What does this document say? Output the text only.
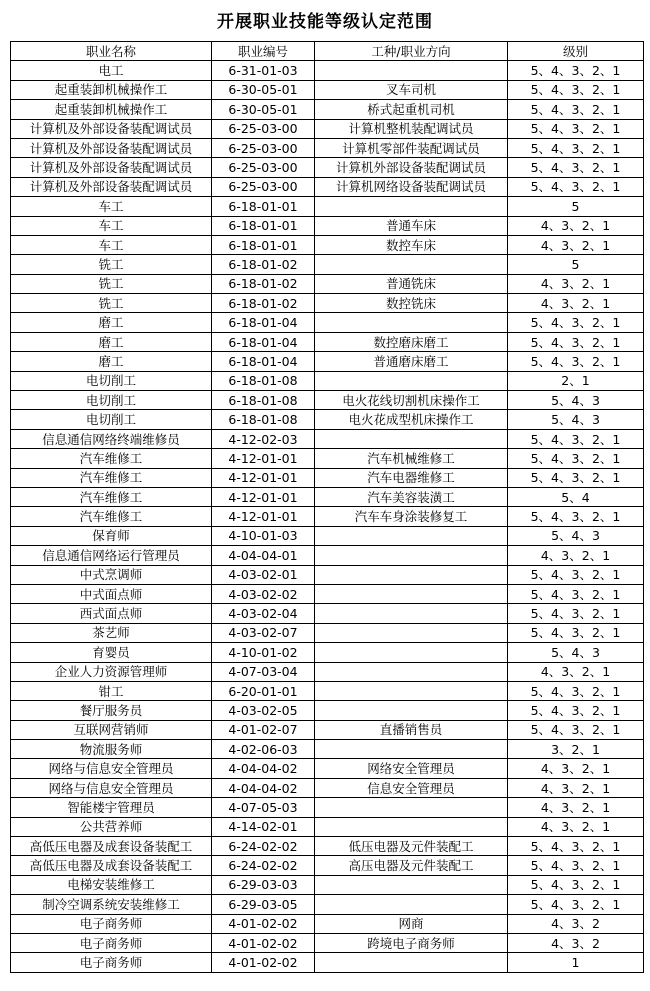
开展职业技能等级认定范围
职业名称	职业编号	工种/职业方向	级别
电工	6-31-01-03		5、4、3、2、1
起重装卸机械操作工	6-30-05-01	叉车司机	5、4、3、2、1
起重装卸机械操作工	6-30-05-01	桥式起重机司机	5、4、3、2、1
计算机及外部设备装配调试员	6-25-03-00	计算机整机装配调试员	5、4、3、2、1
计算机及外部设备装配调试员	6-25-03-00	计算机零部件装配调试员	5、4、3、2、1
计算机及外部设备装配调试员	6-25-03-00	计算机外部设备装配调试员	5、4、3、2、1
计算机及外部设备装配调试员	6-25-03-00	计算机网络设备装配调试员	5、4、3、2、1
车工	6-18-01-01		5
车工	6-18-01-01	普通车床	4、3、2、1
车工	6-18-01-01	数控车床	4、3、2、1
铣工	6-18-01-02		5
铣工	6-18-01-02	普通铣床	4、3、2、1
铣工	6-18-01-02	数控铣床	4、3、2、1
磨工	6-18-01-04		5、4、3、2、1
磨工	6-18-01-04	数控磨床磨工	5、4、3、2、1
磨工	6-18-01-04	普通磨床磨工	5、4、3、2、1
电切削工	6-18-01-08		2、1
电切削工	6-18-01-08	电火花线切割机床操作工	5、4、3
电切削工	6-18-01-08	电火花成型机床操作工	5、4、3
信息通信网络终端维修员	4-12-02-03		5、4、3、2、1
汽车维修工	4-12-01-01	汽车机械维修工	5、4、3、2、1
汽车维修工	4-12-01-01	汽车电器维修工	5、4、3、2、1
汽车维修工	4-12-01-01	汽车美容装潢工	5、4
汽车维修工	4-12-01-01	汽车车身涂装修复工	5、4、3、2、1
保育师	4-10-01-03		5、4、3
信息通信网络运行管理员	4-04-04-01		4、3、2、1
中式烹调师	4-03-02-01		5、4、3、2、1
中式面点师	4-03-02-02		5、4、3、2、1
西式面点师	4-03-02-04		5、4、3、2、1
茶艺师	4-03-02-07		5、4、3、2、1
育婴员	4-10-01-02		5、4、3
企业人力资源管理师	4-07-03-04		4、3、2、1
钳工	6-20-01-01		5、4、3、2、1
餐厅服务员	4-03-02-05		5、4、3、2、1
互联网营销师	4-01-02-07	直播销售员	5、4、3、2、1
物流服务师	4-02-06-03		3、2、1
网络与信息安全管理员	4-04-04-02	网络安全管理员	4、3、2、1
网络与信息安全管理员	4-04-04-02	信息安全管理员	4、3、2、1
智能楼宇管理员	4-07-05-03		4、3、2、1
公共营养师	4-14-02-01		4、3、2、1
高低压电器及成套设备装配工	6-24-02-02	低压电器及元件装配工	5、4、3、2、1
高低压电器及成套设备装配工	6-24-02-02	高压电器及元件装配工	5、4、3、2、1
电梯安装维修工	6-29-03-03		5、4、3、2、1
制冷空调系统安装维修工	6-29-03-05		5、4、3、2、1
电子商务师	4-01-02-02	网商	4、3、2
电子商务师	4-01-02-02	跨境电子商务师	4、3、2
电子商务师	4-01-02-02		1
